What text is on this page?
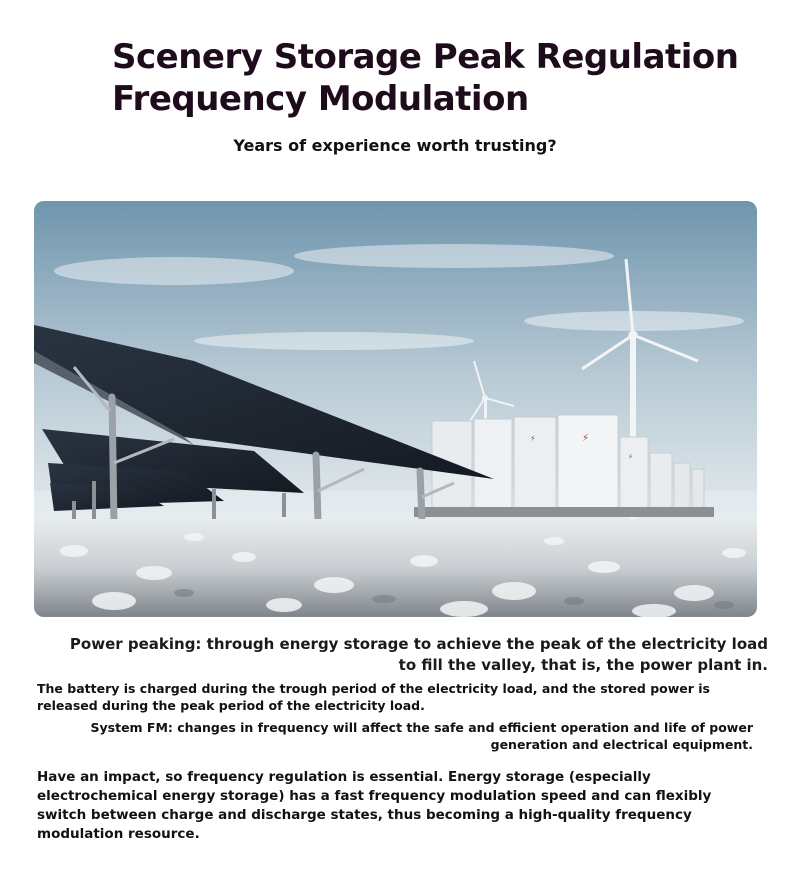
Scenery Storage Peak Regulation Frequency Modulation

Years of experience worth trusting?

⚡
⚡
⚡

Power peaking: through energy storage to achieve the peak of the electricity load to fill the valley, that is, the power plant in.

The battery is charged during the trough period of the electricity load, and the stored power is released during the peak period of the electricity load.

System FM: changes in frequency will affect the safe and efficient operation and life of power generation and electrical equipment.

Have an impact, so frequency regulation is essential. Energy storage (especially electrochemical energy storage) has a fast frequency modulation speed and can flexibly switch between charge and discharge states, thus becoming a high-quality frequency modulation resource.
